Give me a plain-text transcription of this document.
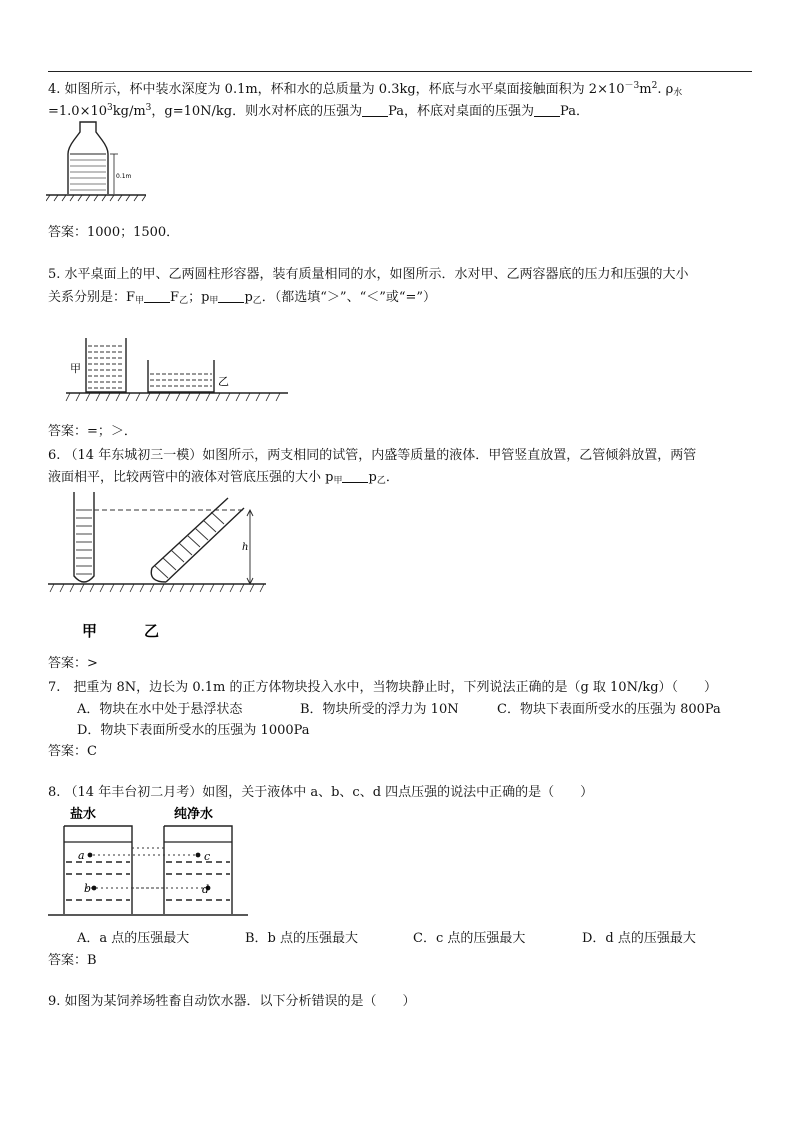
4. 如图所示，杯中装水深度为 0.1m，杯和水的总质量为 0.3kg，杯底与水平桌面接触面积为 $2\times 10^{-3}m^2$. $\rho_水$
$=1.0\times 10^3kg/m^3$，g=10N/kg．则水对杯底的压强为 Pa，杯底对桌面的压强为 Pa．
0.1m
答案：1000；1500．
5. 水平桌面上的甲、乙两圆柱形容器，装有质量相同的水，如图所示．水对甲、乙两容器底的压力和压强的大小
关系分别是：$F_甲$ $F_乙$；$p_甲$ $p_乙$．（都选填“＞”、“＜”或“=”）
甲
乙
答案：=；＞．
6. （14 年东城初三一模）如图所示，两支相同的试管，内盛等质量的液体．甲管竖直放置，乙管倾斜放置，两管
液面相平，比较两管中的液体对管底压强的大小 $p_甲$ $p_乙$．
h
甲	乙
答案：>
7.　把重为 8N，边长为 0.1m 的正方体物块投入水中，当物块静止时，下列说法正确的是（g 取 10N/kg）（　　）
A．物块在水中处于悬浮状态	B．物块所受的浮力为 10N	C．物块下表面所受水的压强为 800Pa
D．物块下表面所受水的压强为 1000Pa
答案：C
8. （14 年丰台初二月考）如图，关于液体中 a、b、c、d 四点压强的说法中正确的是（　　）
盐水	纯净水
a
b
c
d
A．a 点的压强最大	B．b 点的压强最大	C．c 点的压强最大	D．d 点的压强最大
答案：B
9. 如图为某饲养场牲畜自动饮水器．以下分析错误的是（　　）
